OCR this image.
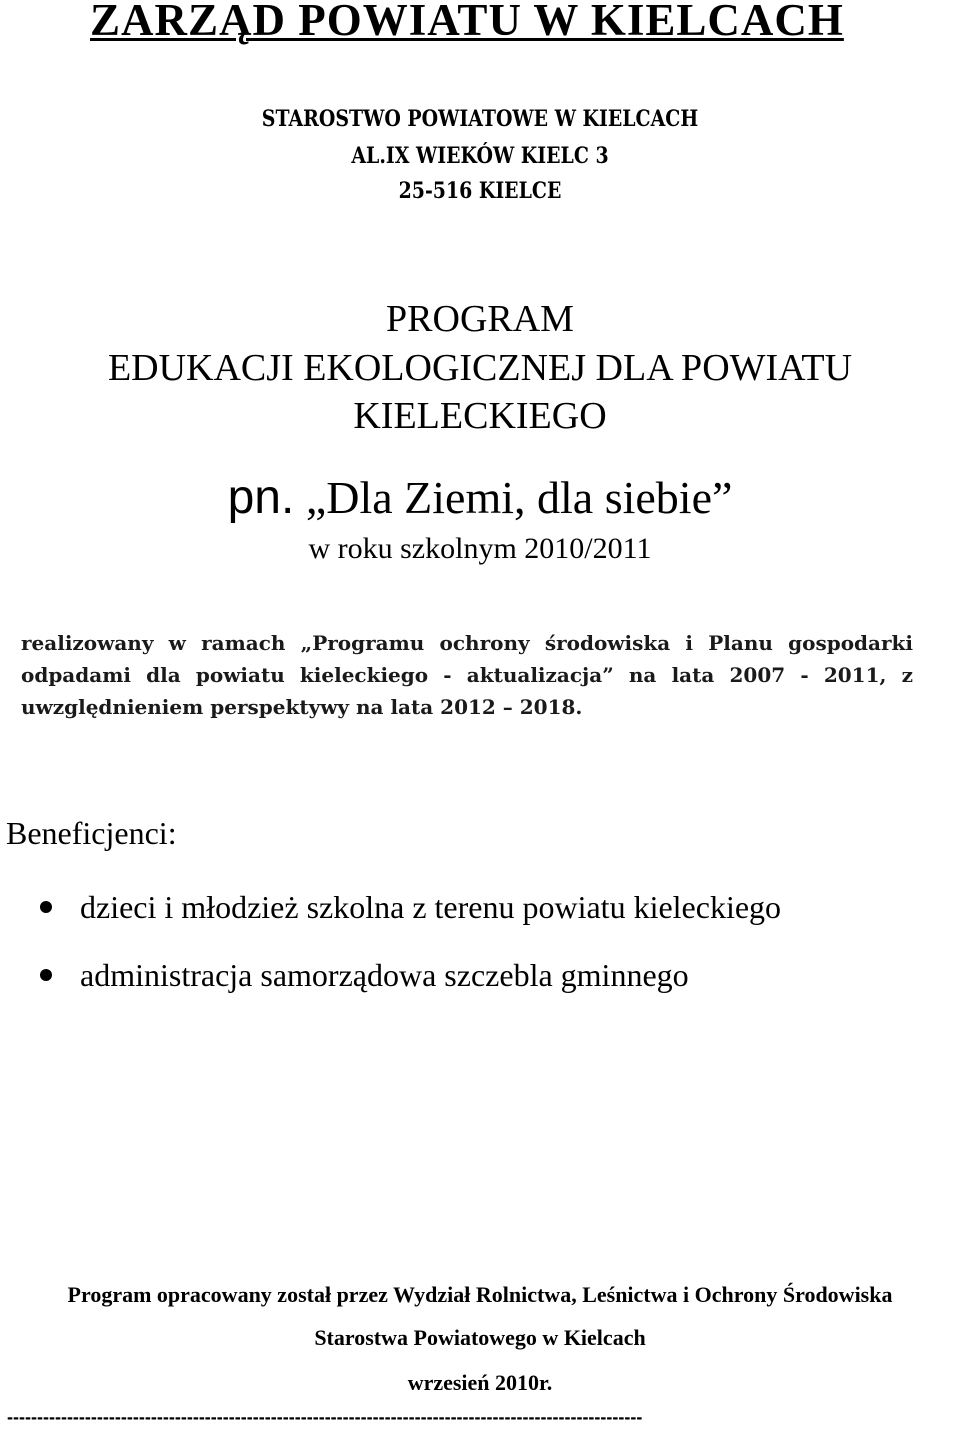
ZARZĄD POWIATU W KIELCACH
STAROSTWO POWIATOWE W KIELCACH
AL.IX WIEKÓW KIELC 3
25-516 KIELCE
PROGRAM
EDUKACJI EKOLOGICZNEJ DLA POWIATU
KIELECKIEGO
pn. „Dla Ziemi, dla siebie”
w roku szkolnym 2010/2011
realizowany w ramach „Programu ochrony środowiska i Planu gospodarki odpadami dla powiatu kieleckiego - aktualizacja” na lata 2007 - 2011, z uwzględnieniem perspektywy na lata 2012 – 2018.
Beneficjenci:
dzieci i młodzież szkolna z terenu powiatu kieleckiego
administracja samorządowa szczebla gminnego
Program opracowany został przez Wydział Rolnictwa, Leśnictwa i Ochrony Środowiska
Starostwa Powiatowego w Kielcach
wrzesień 2010r.
----------------------------------------------------------------------------------------------------------
